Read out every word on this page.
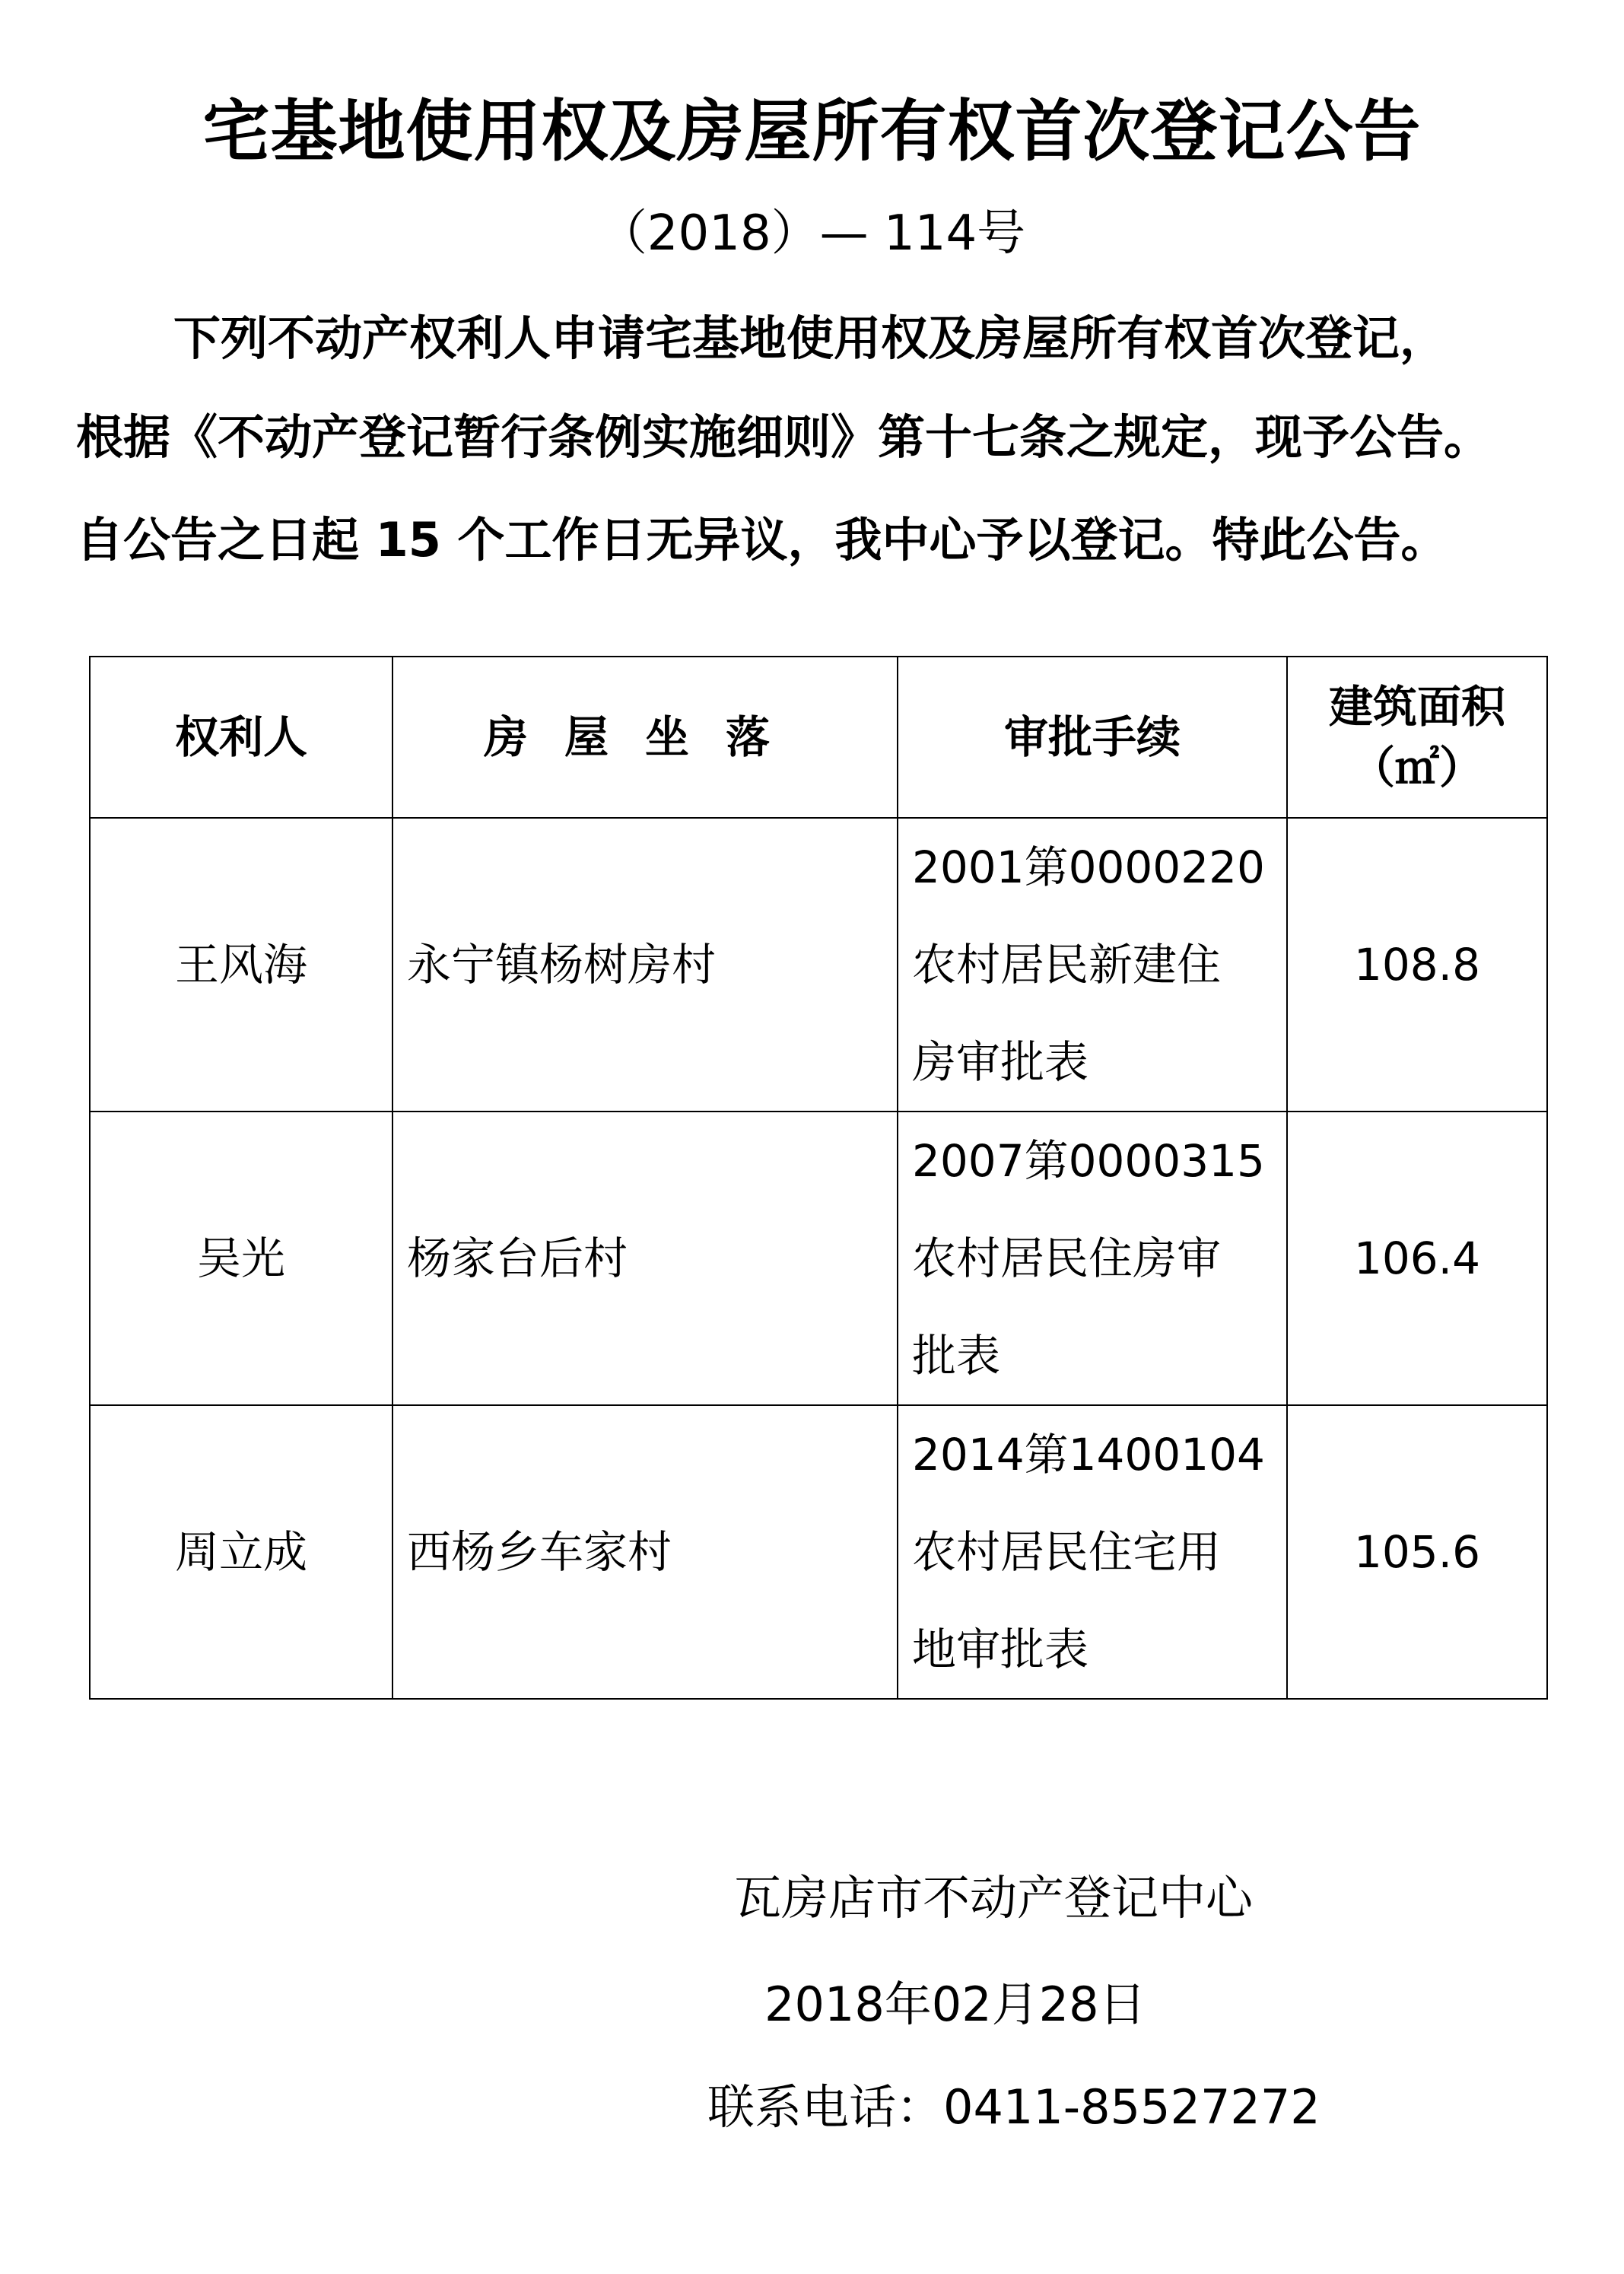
宅基地使用权及房屋所有权首次登记公告
（2018）— 114号
下列不动产权利人申请宅基地使用权及房屋所有权首次登记，
根据《不动产登记暂行条例实施细则》第十七条之规定，现予公告。
自公告之日起 15 个工作日无异议，我中心予以登记。特此公告。
权利人	房屋坐落	审批手续	建筑面积
（㎡）

王风海	永宁镇杨树房村	2001第0000220
农村居民新建住
房审批表	108.8
吴光	杨家台后村	2007第0000315
农村居民住房审
批表	106.4
周立成	西杨乡车家村	2014第1400104
农村居民住宅用
地审批表	105.6
瓦房店市不动产登记中心
2018年02月28日
联系电话：0411-85527272
